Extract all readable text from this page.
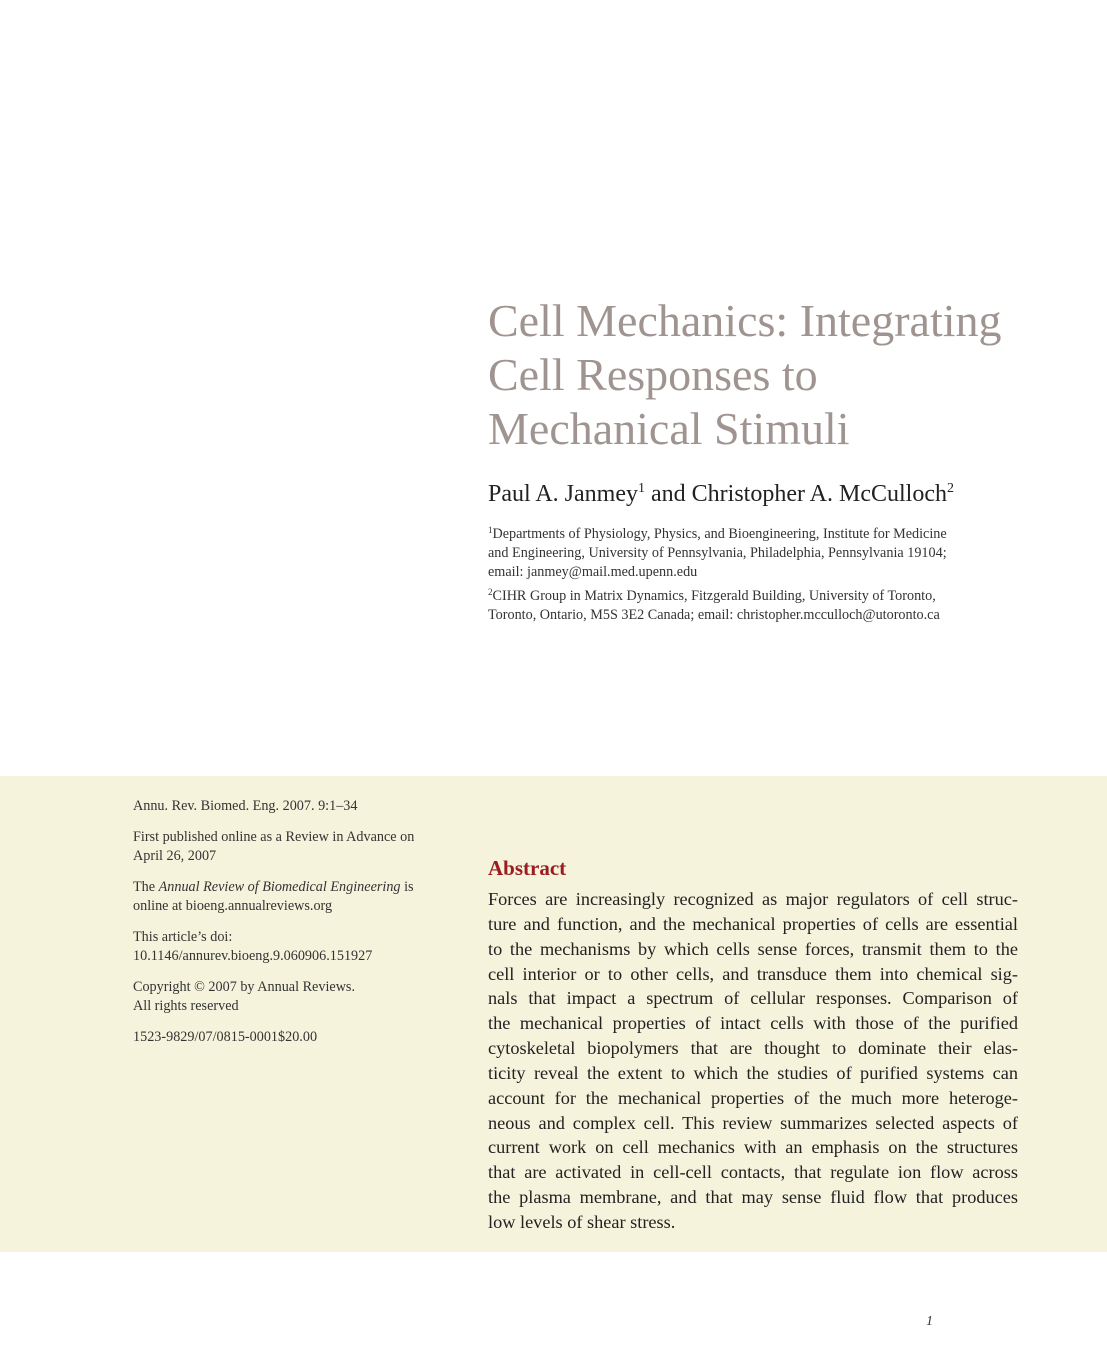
Cell Mechanics: Integrating
Cell Responses to
Mechanical Stimuli
Paul A. Janmey$^1$ and Christopher A. McCulloch$^2$
$^1$Departments of Physiology, Physics, and Bioengineering, Institute for Medicine
and Engineering, University of Pennsylvania, Philadelphia, Pennsylvania 19104;
email: janmey@mail.med.upenn.edu
$^2$CIHR Group in Matrix Dynamics, Fitzgerald Building, University of Toronto,
Toronto, Ontario, M5S 3E2 Canada; email: christopher.mcculloch@utoronto.ca

Annu. Rev. Biomed. Eng. 2007. 9:1–34

First published online as a Review in Advance on
April 26, 2007

The Annual Review of Biomedical Engineering is
online at bioeng.annualreviews.org

This article’s doi:
10.1146/annurev.bioeng.9.060906.151927

Copyright © 2007 by Annual Reviews.
All rights reserved

1523-9829/07/0815-0001$20.00

Abstract
Forces are increasingly recognized as major regulators of cell struc-
ture and function, and the mechanical properties of cells are essential
to the mechanisms by which cells sense forces, transmit them to the
cell interior or to other cells, and transduce them into chemical sig-
nals that impact a spectrum of cellular responses. Comparison of
the mechanical properties of intact cells with those of the purified
cytoskeletal biopolymers that are thought to dominate their elas-
ticity reveal the extent to which the studies of purified systems can
account for the mechanical properties of the much more heteroge-
neous and complex cell. This review summarizes selected aspects of
current work on cell mechanics with an emphasis on the structures
that are activated in cell-cell contacts, that regulate ion flow across
the plasma membrane, and that may sense fluid flow that produces
low levels of shear stress.
1
